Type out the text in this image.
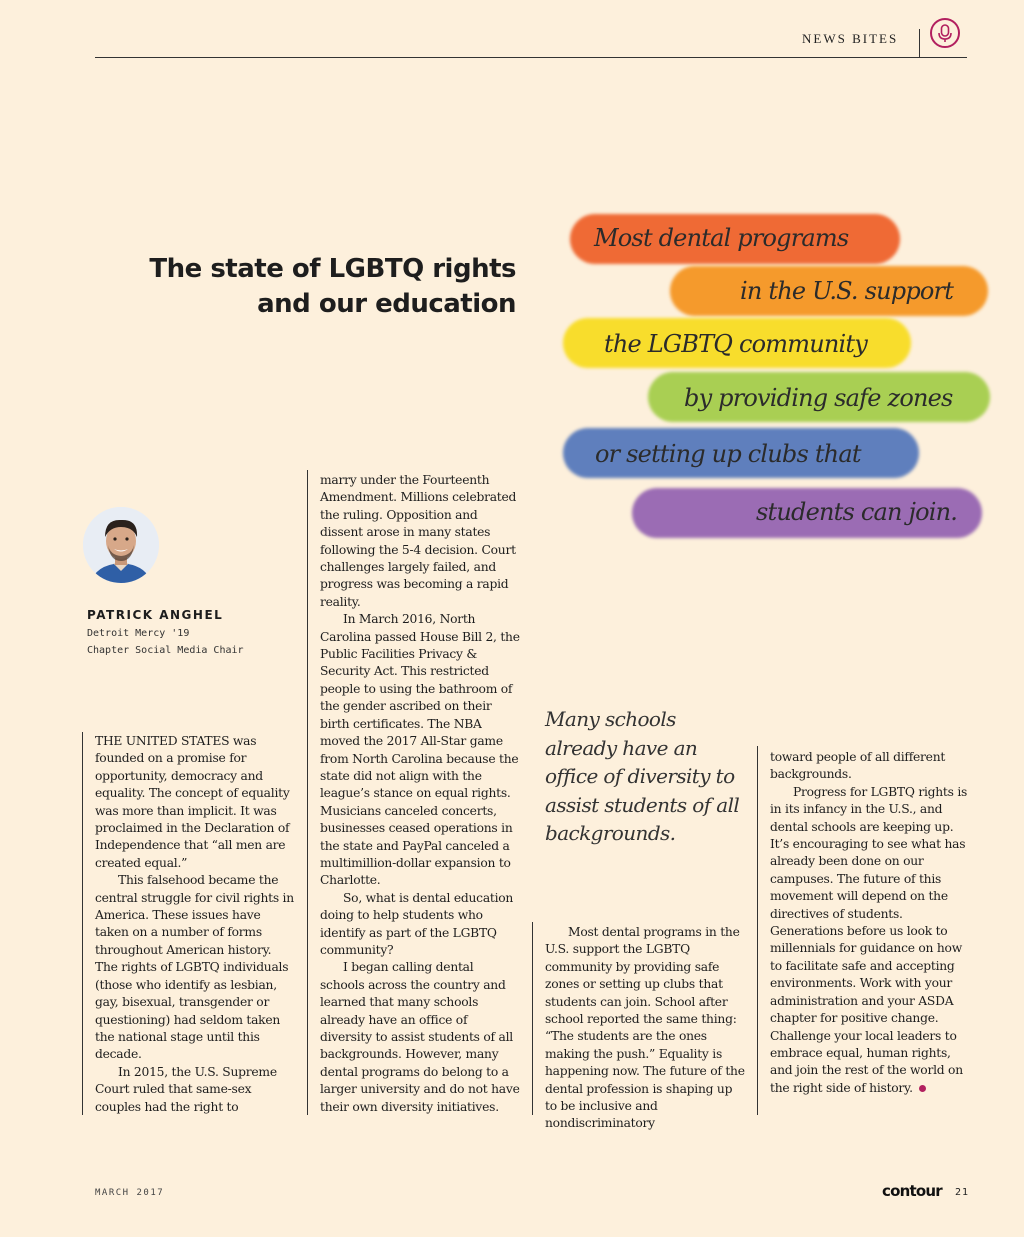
NEWS BITES
The state of LGBTQ rights
and our education
Most dental programs
in the U.S. support
the LGBTQ community
by providing safe zones
or setting up clubs that
students can join.
PATRICK ANGHEL
Detroit Mercy '19
Chapter Social Media Chair

THE UNITED STATES was founded on a promise for opportunity, democracy and equality. The concept of equality was more than implicit. It was proclaimed in the Declaration of Independence that “all men are created equal.”

This falsehood became the central struggle for civil rights in America. These issues have taken on a number of forms throughout American history. The rights of LGBTQ individuals (those who identify as lesbian, gay, bisexual, transgender or questioning) had seldom taken the national stage until this decade.

In 2015, the U.S. Supreme Court ruled that same-sex couples had the right to

marry under the Fourteenth Amendment. Millions celebrated the ruling. Opposition and dissent arose in many states following the 5-4 decision. Court challenges largely failed, and progress was becoming a rapid reality.

In March 2016, North Carolina passed House Bill 2, the Public Facilities Privacy & Security Act. This restricted people to using the bathroom of the gender ascribed on their birth certificates. The NBA moved the 2017 All-Star game from North Carolina because the state did not align with the league’s stance on equal rights. Musicians canceled concerts, businesses ceased operations in the state and PayPal canceled a multimillion-dollar expansion to Charlotte.

So, what is dental education doing to help students who identify as part of the LGBTQ community?

I began calling dental schools across the country and learned that many schools already have an office of diversity to assist students of all backgrounds. However, many dental programs do belong to a larger university and do not have their own diversity initiatives.

Many schools already have an office of diversity to assist students of all backgrounds.

Most dental programs in the U.S. support the LGBTQ community by providing safe zones or setting up clubs that students can join. School after school reported the same thing: “The students are the ones making the push.” Equality is happening now. The future of the dental profession is shaping up to be inclusive and nondiscriminatory

toward people of all different backgrounds.

Progress for LGBTQ rights is in its infancy in the U.S., and dental schools are keeping up. It’s encouraging to see what has already been done on our campuses. The future of this movement will depend on the directives of students. Generations before us look to millennials for guidance on how to facilitate safe and accepting environments. Work with your administration and your ASDA chapter for positive change. Challenge your local leaders to embrace equal, human rights, and join the rest of the world on the right side of history.

MARCH 2017	contour 21
